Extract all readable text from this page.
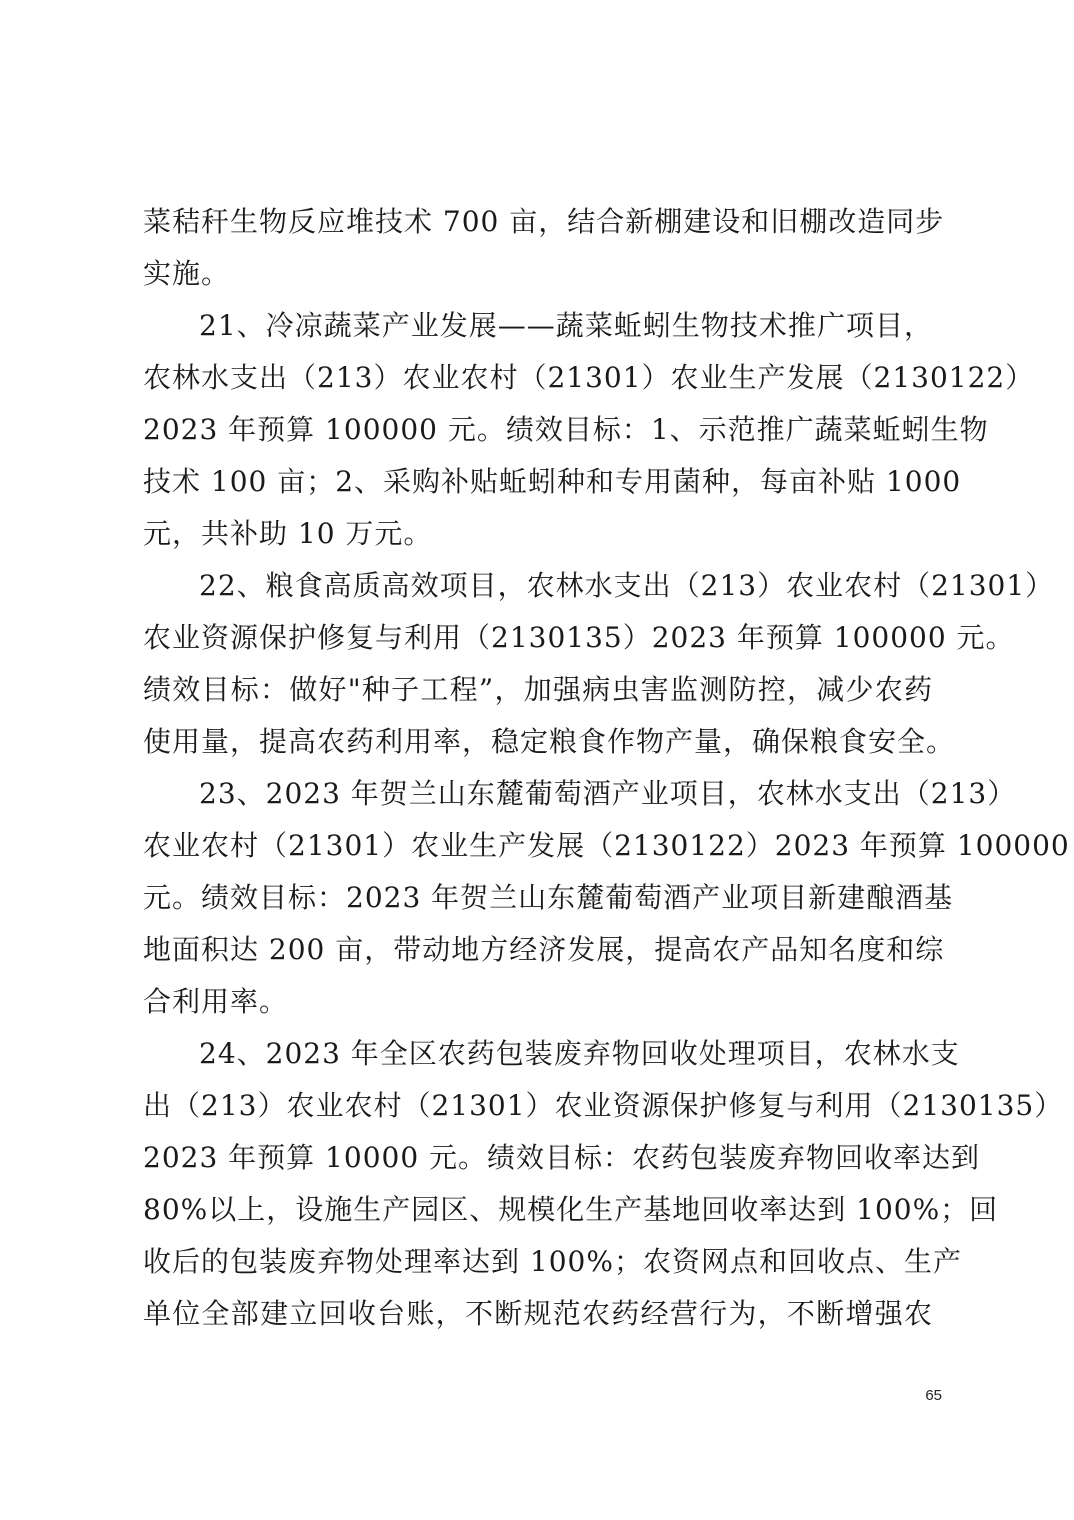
菜秸秆生物反应堆技术 700 亩，结合新棚建设和旧棚改造同步
实施。
21、冷凉蔬菜产业发展——蔬菜蚯蚓生物技术推广项目，
农林水支出（213）农业农村（21301）农业生产发展（2130122）
2023 年预算 100000 元。绩效目标：1、示范推广蔬菜蚯蚓生物
技术 100 亩；2、采购补贴蚯蚓种和专用菌种，每亩补贴 1000
元，共补助 10 万元。
22、粮食高质高效项目，农林水支出（213）农业农村（21301）
农业资源保护修复与利用（2130135）2023 年预算 100000 元。
绩效目标：做好"种子工程”，加强病虫害监测防控，减少农药
使用量，提高农药利用率，稳定粮食作物产量，确保粮食安全。
23、2023 年贺兰山东麓葡萄酒产业项目，农林水支出（213）
农业农村（21301）农业生产发展（2130122）2023 年预算 100000
元。绩效目标：2023 年贺兰山东麓葡萄酒产业项目新建酿酒基
地面积达 200 亩，带动地方经济发展，提高农产品知名度和综
合利用率。
24、2023 年全区农药包装废弃物回收处理项目，农林水支
出（213）农业农村（21301）农业资源保护修复与利用（2130135）
2023 年预算 10000 元。绩效目标：农药包装废弃物回收率达到
80%以上，设施生产园区、规模化生产基地回收率达到 100%；回
收后的包装废弃物处理率达到 100%；农资网点和回收点、生产
单位全部建立回收台账，不断规范农药经营行为，不断增强农
65
